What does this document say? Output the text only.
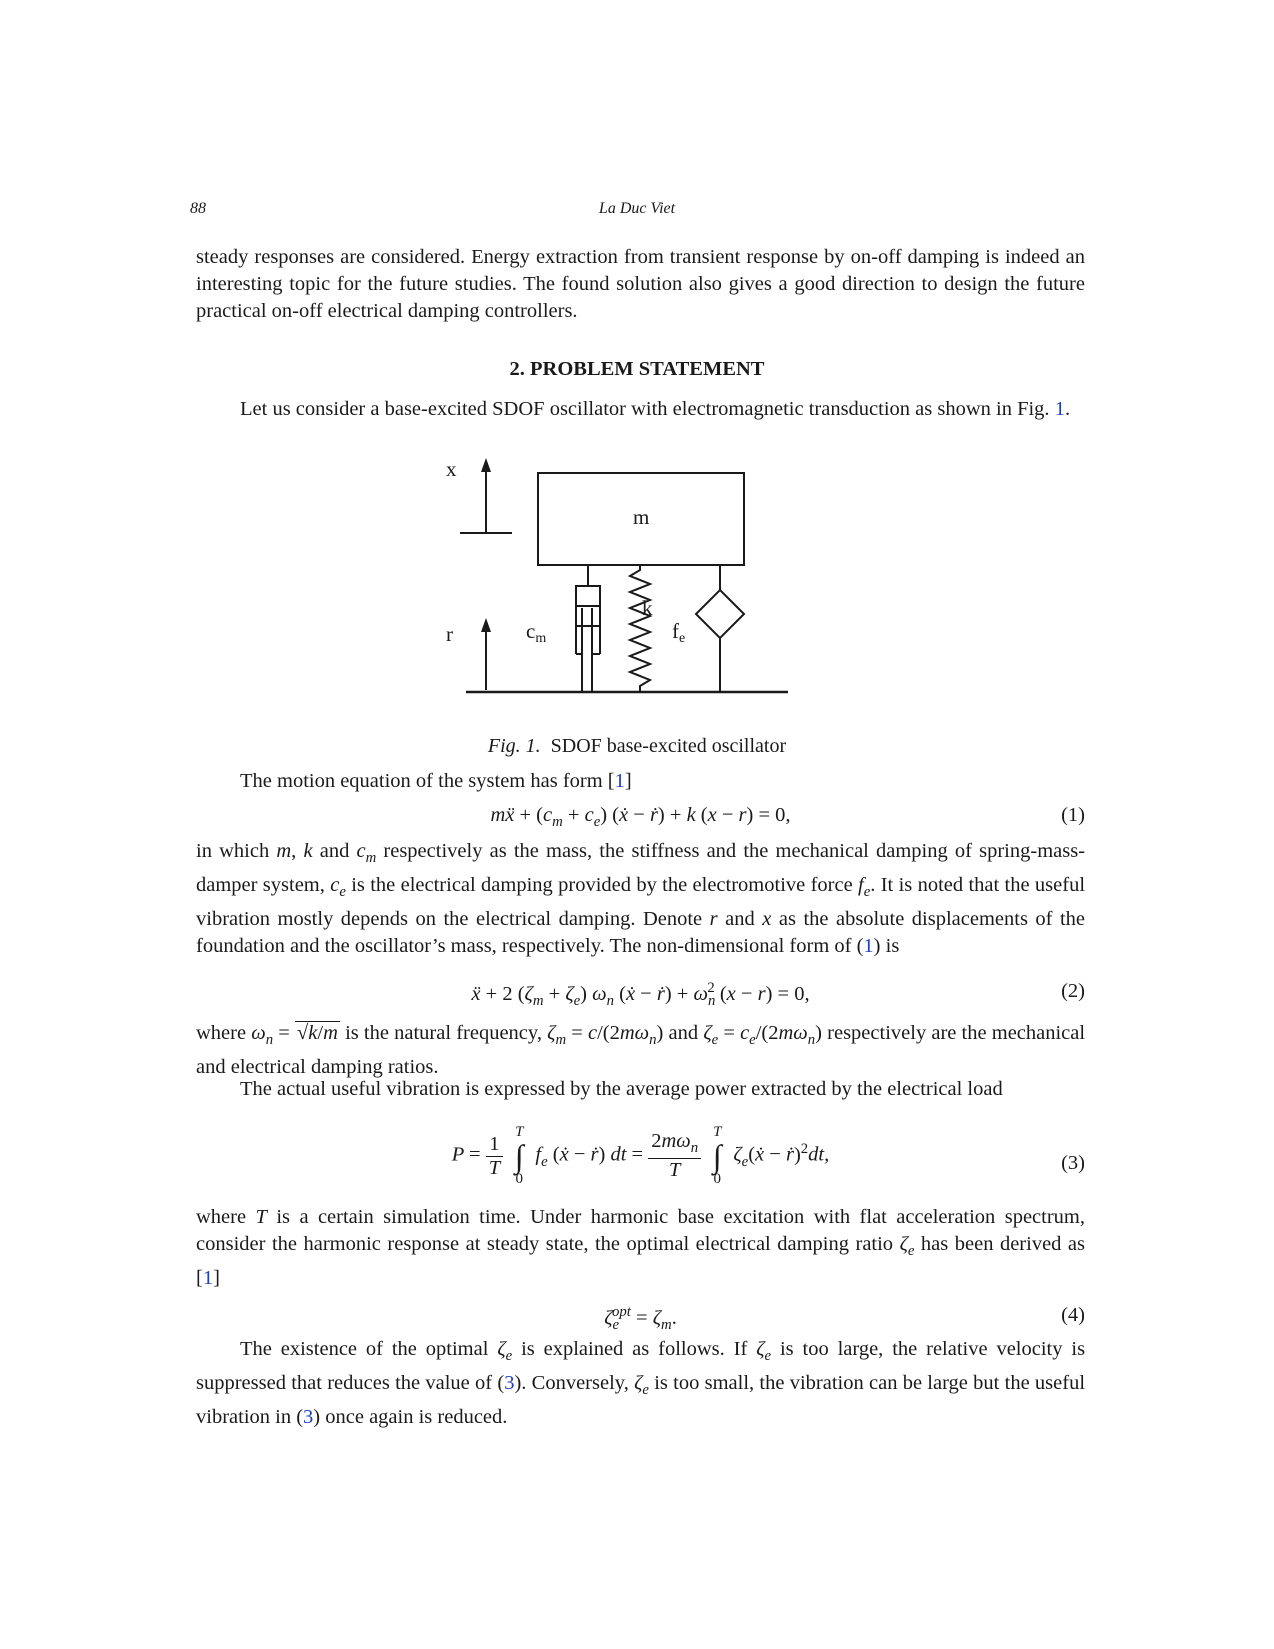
88	La Duc Viet

steady responses are considered. Energy extraction from transient response by on-off damping is indeed an interesting topic for the future studies. The found solution also gives a good direction to design the future practical on-off electrical damping controllers.

2. PROBLEM STATEMENT

Let us consider a base-excited SDOF oscillator with electromagnetic transduction as shown in Fig. 1.

x
r
m
k
cm	fe
Fig. 1. SDOF base-excited oscillator

The motion equation of the system has form [1]

mẍ + $(c_m + c_e)$ (ẋ − ṙ) + k (x − r) = 0,	(1)

in which m, k and $c_m$ respectively as the mass, the stiffness and the mechanical damping of spring-mass-damper system, $c_e$ is the electrical damping provided by the electromotive force $f_e$. It is noted that the useful vibration mostly depends on the electrical damping. Denote r and x as the absolute displacements of the foundation and the oscillator’s mass, respectively. The non-dimensional form of (1) is

ẍ + 2 $(\zeta_m + \zeta_e)$ $\omega_n$ (ẋ − ṙ) + $\omega_n^2$ (x − r) = 0,	(2)

where $\omega_n = √k/m$ is the natural frequency, $\zeta_m = c/(2m\omega_n)$ and $\zeta_e = c_e/(2m\omega_n)$ respectively are the mechanical and electrical damping ratios.

The actual useful vibration is expressed by the average power extracted by the electrical load

$P = \frac{1}{T}$

T
∫
0
$f_e$ (ẋ − ṙ) dt = $\frac{2m\omega_n}{T}$
T
∫
0
$\zeta_e(ẋ$ − ṙ)$^2$dt,	(3)

where T is a certain simulation time. Under harmonic base excitation with flat acceleration spectrum, consider the harmonic response at steady state, the optimal electrical damping ratio $\zeta_e$ has been derived as [1]

$\zeta_e^{opt} = \zeta_m$.	(4)

The existence of the optimal $\zeta_e$ is explained as follows. If $\zeta_e$ is too large, the relative velocity is suppressed that reduces the value of (3). Conversely, $\zeta_e$ is too small, the vibration can be large but the useful vibration in (3) once again is reduced.
